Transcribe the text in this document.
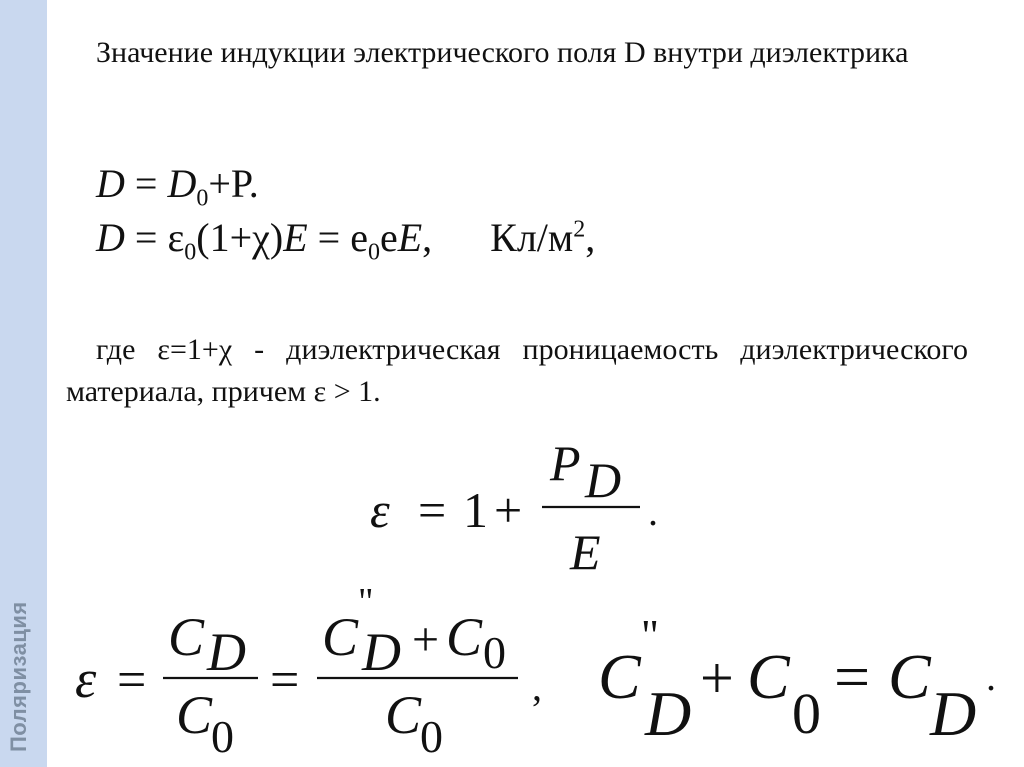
Поляризация

Значение индукции электрического поля D внутри диэлектрика

$D = D_0+P$.
$D = \varepsilon_0(1+\chi)E = e_0eE$, $Кл/м^2$,

где ε=1+χ - диэлектрическая проницаемость диэлектрического материала, причем ε > 1.

ε = 1 +
P D
E
.
ε =
C D
C
0
=
C
"
D + C 0
C
0
, C
"
D + C
0
= C
D
.
